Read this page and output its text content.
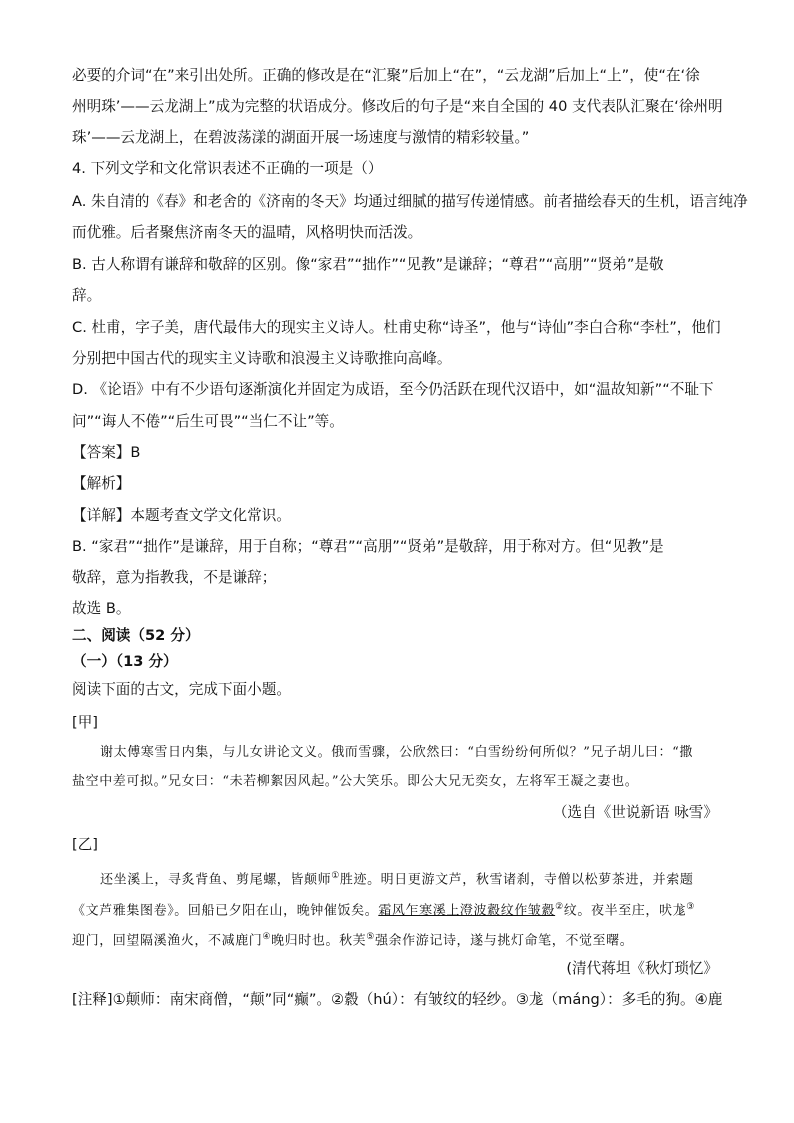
必要的介词“在”来引出处所。正确的修改是在“汇聚”后加上“在”，“云龙湖”后加上“上”，使“在‘徐
州明珠’——云龙湖上”成为完整的状语成分。修改后的句子是“来自全国的 40 支代表队汇聚在‘徐州明
珠’——云龙湖上，在碧波荡漾的湖面开展一场速度与激情的精彩较量。”
4. 下列文学和文化常识表述不正确的一项是（）
A. 朱自清的《春》和老舍的《济南的冬天》均通过细腻的描写传递情感。前者描绘春天的生机，语言纯净
而优雅。后者聚焦济南冬天的温晴，风格明快而活泼。
B. 古人称谓有谦辞和敬辞的区别。像“家君”“拙作”“见教”是谦辞；“尊君”“高朋”“贤弟”是敬
辞。
C. 杜甫，字子美，唐代最伟大的现实主义诗人。杜甫史称“诗圣”，他与“诗仙”李白合称“李杜”，他们
分别把中国古代的现实主义诗歌和浪漫主义诗歌推向高峰。
D. 《论语》中有不少语句逐渐演化并固定为成语，至今仍活跃在现代汉语中，如“温故知新”“不耻下
问”“诲人不倦”“后生可畏”“当仁不让”等。
【答案】B
【解析】
【详解】本题考查文学文化常识。
B. “家君”“拙作”是谦辞，用于自称；“尊君”“高朋”“贤弟”是敬辞，用于称对方。但“见教”是
敬辞，意为指教我，不是谦辞；
故选 B。
二、阅读（52 分）
（一）（13 分）
阅读下面的古文，完成下面小题。
[甲]
谢太傅寒雪日内集，与儿女讲论文义。俄而雪骤，公欣然曰：“白雪纷纷何所似？”兄子胡儿曰：“撒
盐空中差可拟。”兄女曰：“未若柳絮因风起。”公大笑乐。即公大兄无奕女，左将军王凝之妻也。
（选自《世说新语 咏雪》
[乙]
还坐溪上，寻炙背鱼、剪尾螺，皆颠师①胜迹。明日更游文芦，秋雪诸刹，寺僧以松萝茶进，并索题
《文芦雅集图卷》。回船已夕阳在山，晚钟催饭矣。霜风乍寒溪上澄波縠纹作皱縠②纹。夜半至庄，吠尨③
迎门，回望隔溪渔火，不减鹿门④晚归时也。秋芙⑤强余作游记诗，遂与挑灯命笔，不觉至曙。
(清代蒋坦《秋灯琐忆》
[注释]①颠师：南宋商僧，“颠”同“癫”。②縠（hú）：有皱纹的轻纱。③尨（máng）：多毛的狗。④鹿
